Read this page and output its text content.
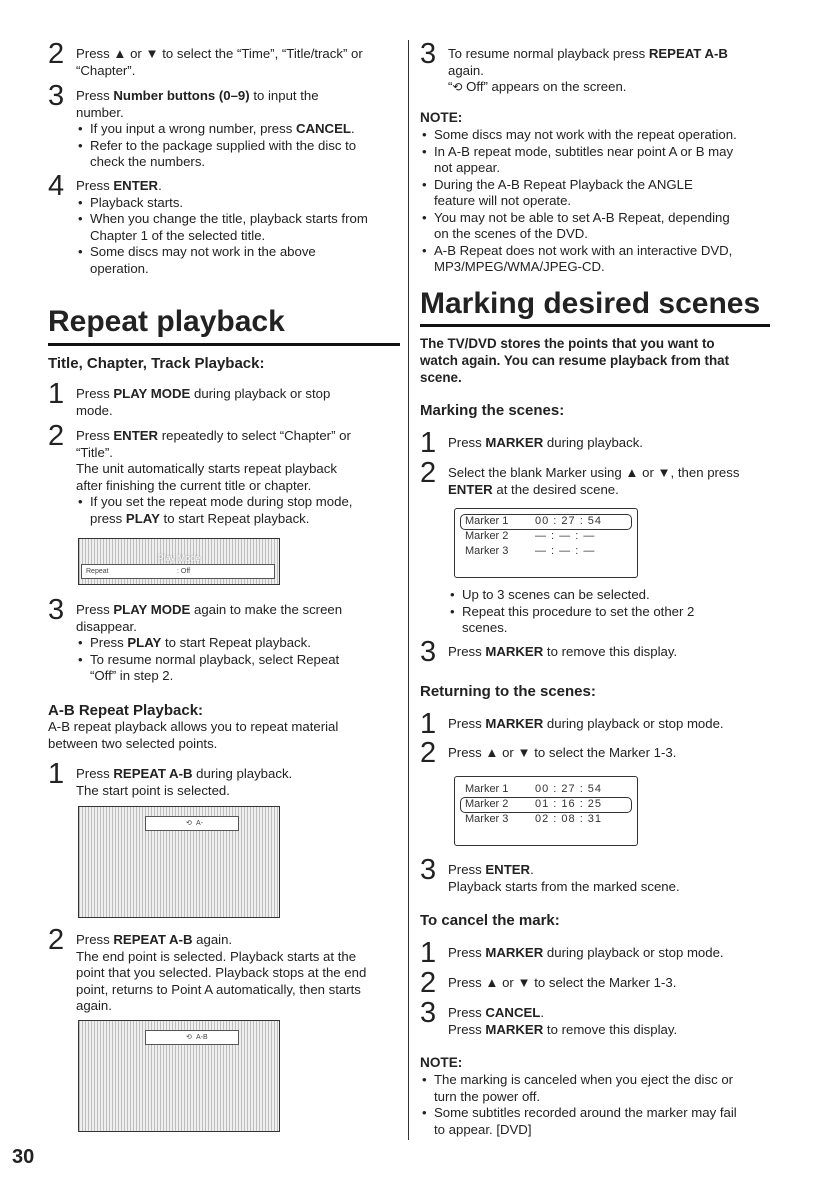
2 Press ▲ or ▼ to select the “Time”, “Title/track” or
“Chapter”.
3 Press Number buttons (0–9) to input the
number.
• If you input a wrong number, press CANCEL.
• Refer to the package supplied with the disc to
check the numbers.
4 Press ENTER.
• Playback starts.
• When you change the title, playback starts from
Chapter 1 of the selected title.
• Some discs may not work in the above
operation.
Repeat playback
Title, Chapter, Track Playback:
1 Press PLAY MODE during playback or stop
mode.
2 Press ENTER repeatedly to select “Chapter” or
“Title”.
The unit automatically starts repeat playback
after finishing the current title or chapter.
• If you set the repeat mode during stop mode,
press PLAY to start Repeat playback.
Play Mode
Repeat	: Off
3 Press PLAY MODE again to make the screen
disappear.
• Press PLAY to start Repeat playback.
• To resume normal playback, select Repeat
“Off” in step 2.
A-B Repeat Playback:
A-B repeat playback allows you to repeat material
between two selected points.
1 Press REPEAT A-B during playback.
The start point is selected.
⟲ A-
2 Press REPEAT A-B again.
The end point is selected. Playback starts at the
point that you selected. Playback stops at the end
point, returns to Point A automatically, then starts
again.
⟲ A-B
3 To resume normal playback press REPEAT A-B
again.
“⟲ Off” appears on the screen.
NOTE:
• Some discs may not work with the repeat operation.
• In A-B repeat mode, subtitles near point A or B may
not appear.
• During the A-B Repeat Playback the ANGLE
feature will not operate.
• You may not be able to set A-B Repeat, depending
on the scenes of the DVD.
• A-B Repeat does not work with an interactive DVD,
MP3/MPEG/WMA/JPEG-CD.
Marking desired scenes
The TV/DVD stores the points that you want to
watch again. You can resume playback from that
scene.
Marking the scenes:
1 Press MARKER during playback.
2 Select the blank Marker using ▲ or ▼, then press
ENTER at the desired scene.
Marker 1 00 : 27 : 54
Marker 2 — : — : —
Marker 3 — : — : —
• Up to 3 scenes can be selected.
• Repeat this procedure to set the other 2
scenes.
3 Press MARKER to remove this display.
Returning to the scenes:
1 Press MARKER during playback or stop mode.
2 Press ▲ or ▼ to select the Marker 1-3.
Marker 1 00 : 27 : 54
Marker 2 01 : 16 : 25
Marker 3 02 : 08 : 31
3 Press ENTER.
Playback starts from the marked scene.
To cancel the mark:
1 Press MARKER during playback or stop mode.
2 Press ▲ or ▼ to select the Marker 1-3.
3 Press CANCEL.
Press MARKER to remove this display.
NOTE:
• The marking is canceled when you eject the disc or
turn the power off.
• Some subtitles recorded around the marker may fail
to appear. [DVD]
30
